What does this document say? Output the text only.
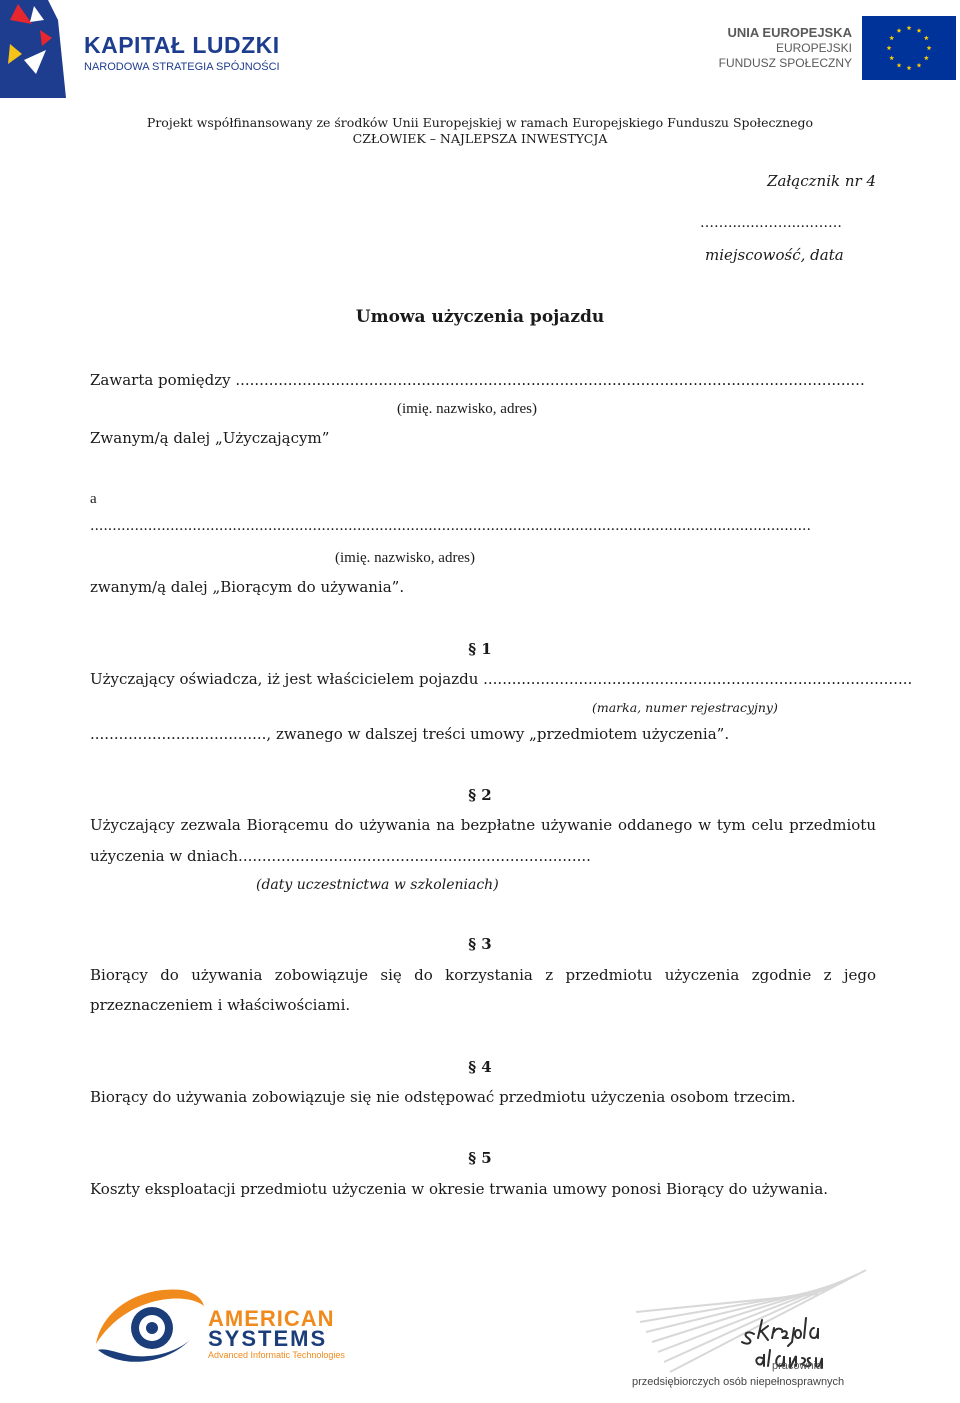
KAPITAŁ LUDZKI
NARODOWA STRATEGIA SPÓJNOŚCI
UNIA EUROPEJSKA
EUROPEJSKI
FUNDUSZ SPOŁECZNY
Projekt współfinansowany ze środków Unii Europejskiej w ramach Europejskiego Funduszu Społecznego
CZŁOWIEK – NAJLEPSZA INWESTYCJA
Załącznik nr 4
…….......…….....…….
miejscowość, data
Umowa użyczenia pojazdu
Zawarta pomiędzy ....................................................................................................................................
(imię. nazwisko, adres)
Zwanym/ą dalej „Użyczającym”
a
..................................................................................................................................................................
(imię. nazwisko, adres)
zwanym/ą dalej „Biorącym do używania”.
§ 1
Użyczający oświadcza, iż jest właścicielem pojazdu ..........................................................................................
(marka, numer rejestracyjny)
....................................., zwanego w dalszej treści umowy „przedmiotem użyczenia”.
§ 2
Użyczający zezwala Biorącemu do używania na bezpłatne używanie oddanego w tym celu przedmiotu
użyczenia w dniach..........................................................................
(daty uczestnictwa w szkoleniach)
§ 3
Biorący do używania zobowiązuje się do korzystania z przedmiotu użyczenia zgodnie z jego
przeznaczeniem i właściwościami.
§ 4
Biorący do używania zobowiązuje się nie odstępować przedmiotu użyczenia osobom trzecim.
§ 5
Koszty eksploatacji przedmiotu użyczenia w okresie trwania umowy ponosi Biorący do używania.
AMERICAN
SYSTEMS
Advanced Informatic Technologies
pracownia
przedsiębiorczych osób niepełnosprawnych
